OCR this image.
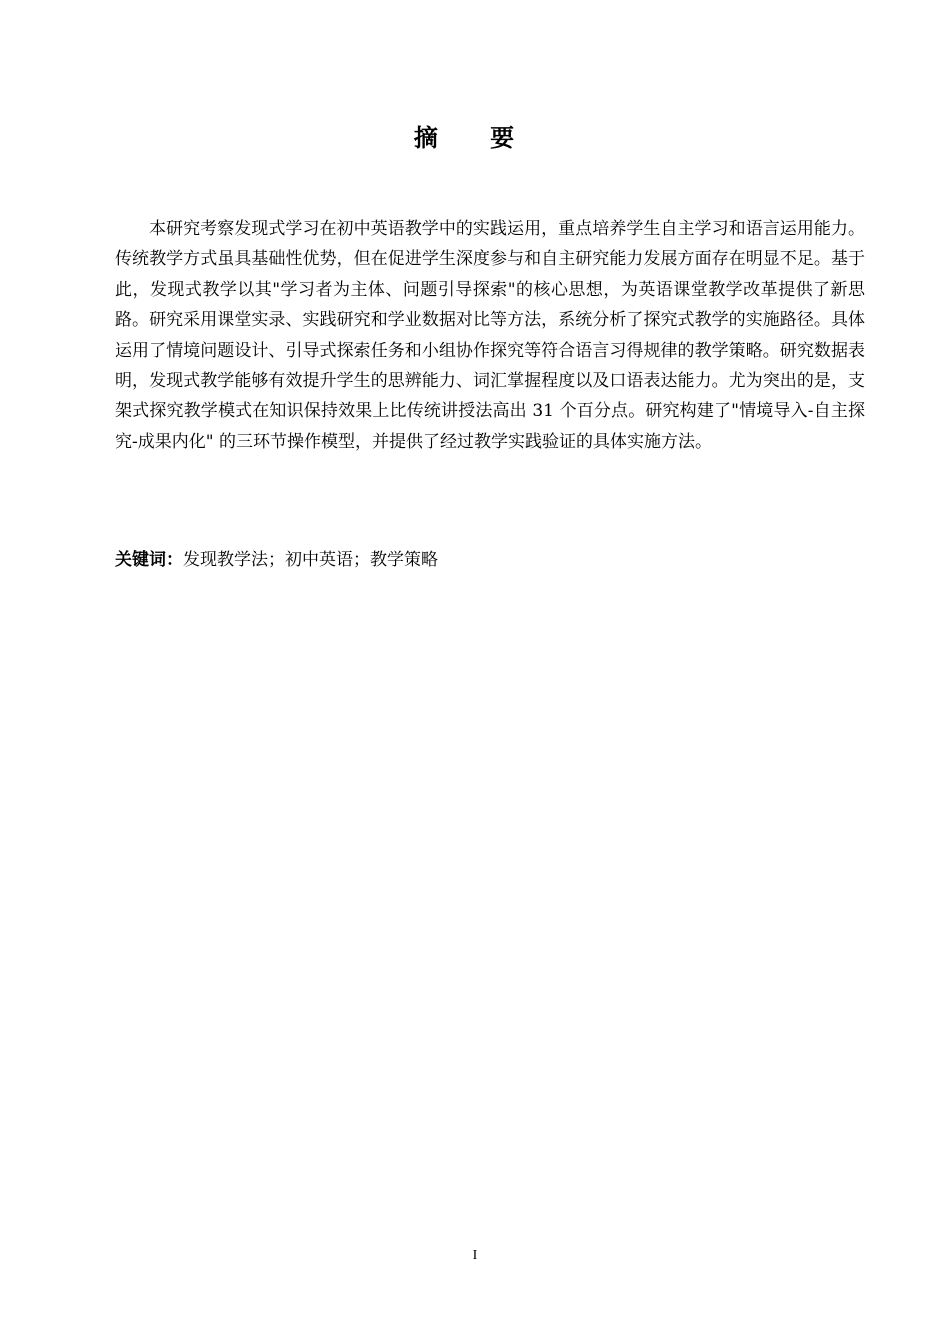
摘 要

本研究考察发现式学习在初中英语教学中的实践运用，重点培养学生自主学习和语言运用能力。传统教学方式虽具基础性优势，但在促进学生深度参与和自主研究能力发展方面存在明显不足。基于此，发现式教学以其"学习者为主体、问题引导探索"的核心思想，为英语课堂教学改革提供了新思路。研究采用课堂实录、实践研究和学业数据对比等方法，系统分析了探究式教学的实施路径。具体运用了情境问题设计、引导式探索任务和小组协作探究等符合语言习得规律的教学策略。研究数据表明，发现式教学能够有效提升学生的思辨能力、词汇掌握程度以及口语表达能力。尤为突出的是，支架式探究教学模式在知识保持效果上比传统讲授法高出 31 个百分点。研究构建了"情境导入-自主探究-成果内化" 的三环节操作模型，并提供了经过教学实践验证的具体实施方法。

关键词：发现教学法；初中英语；教学策略

I
